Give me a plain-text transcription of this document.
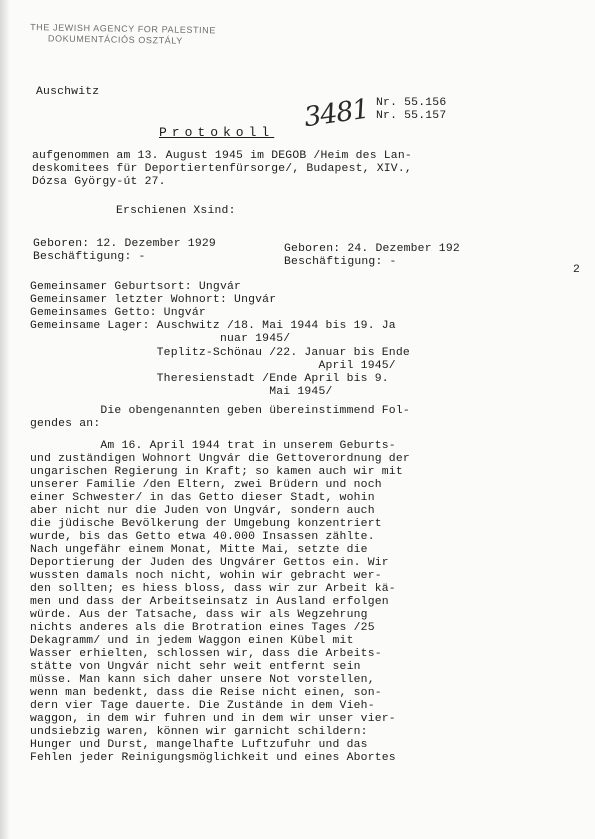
THE JEWISH AGENCY FOR PALESTINE
DOKUMENTÁCIÓS OSZTÁLY
Auschwitz
3481 Nr. 55.156
Nr. 55.157
Protokoll
aufgenommen am 13. August 1945 im DEGOB /Heim des Lan-
deskomitees für Deportiertenfürsorge/, Budapest, XIV.,
Dózsa György-út 27.
Erschienen Xsind:
Geboren: 12. Dezember 1929
Beschäftigung: -
Geboren: 24. Dezember 192
Beschäftigung: -
2
Gemeinsamer Geburtsort: Ungvár
Gemeinsamer letzter Wohnort: Ungvár
Gemeinsames Getto: Ungvár
Gemeinsame Lager: Auschwitz /18. Mai 1944 bis 19. Ja
nuar 1945/
Teplitz-Schönau /22. Januar bis Ende
April 1945/
Theresienstadt /Ende April bis 9.
Mai 1945/
Die obengenannten geben übereinstimmend Fol-
gendes an:
Am 16. April 1944 trat in unserem Geburts-
und zuständigen Wohnort Ungvár die Gettoverordnung der
ungarischen Regierung in Kraft; so kamen auch wir mit
unserer Familie /den Eltern, zwei Brüdern und noch
einer Schwester/ in das Getto dieser Stadt, wohin
aber nicht nur die Juden von Ungvár, sondern auch
die jüdische Bevölkerung der Umgebung konzentriert
wurde, bis das Getto etwa 40.000 Insassen zählte.
Nach ungefähr einem Monat, Mitte Mai, setzte die
Deportierung der Juden des Ungvárer Gettos ein. Wir
wussten damals noch nicht, wohin wir gebracht wer-
den sollten; es hiess bloss, dass wir zur Arbeit kä-
men und dass der Arbeitseinsatz in Ausland erfolgen
würde. Aus der Tatsache, dass wir als Wegzehrung
nichts anderes als die Brotration eines Tages /25
Dekagramm/ und in jedem Waggon einen Kübel mit
Wasser erhielten, schlossen wir, dass die Arbeits-
stätte von Ungvár nicht sehr weit entfernt sein
müsse. Man kann sich daher unsere Not vorstellen,
wenn man bedenkt, dass die Reise nicht einen, son-
dern vier Tage dauerte. Die Zustände in dem Vieh-
waggon, in dem wir fuhren und in dem wir unser vier-
undsiebzig waren, können wir garnicht schildern:
Hunger und Durst, mangelhafte Luftzufuhr und das
Fehlen jeder Reinigungsmöglichkeit und eines Abortes
